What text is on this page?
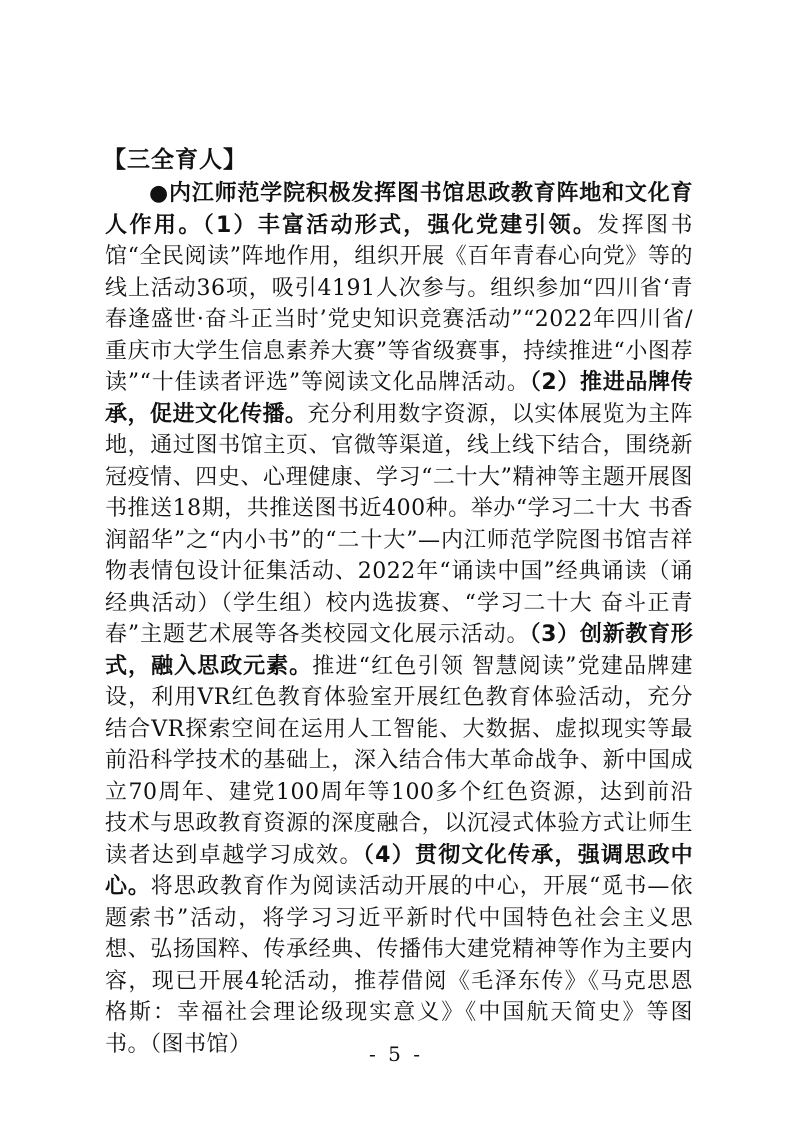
【三全育人】

●内江师范学院积极发挥图书馆思政教育阵地和文化育人作用。（1）丰富活动形式，强化党建引领。发挥图书馆“全民阅读”阵地作用，组织开展《百年青春心向党》等的线上活动36项，吸引4191人次参与。组织参加“四川省‘青春逢盛世·奋斗正当时’党史知识竞赛活动”“2022年四川省/重庆市大学生信息素养大赛”等省级赛事，持续推进“小图荐读”“十佳读者评选”等阅读文化品牌活动。（2）推进品牌传承，促进文化传播。充分利用数字资源，以实体展览为主阵地，通过图书馆主页、官微等渠道，线上线下结合，围绕新冠疫情、四史、心理健康、学习“二十大”精神等主题开展图书推送18期，共推送图书近400种。举办“学习二十大 书香润韶华”之“内小书”的“二十大”—内江师范学院图书馆吉祥物表情包设计征集活动、2022年“诵读中国”经典诵读（诵经典活动）（学生组）校内选拔赛、“学习二十大 奋斗正青春”主题艺术展等各类校园文化展示活动。（3）创新教育形式，融入思政元素。推进“红色引领 智慧阅读”党建品牌建设，利用VR红色教育体验室开展红色教育体验活动，充分结合VR探索空间在运用人工智能、大数据、虚拟现实等最前沿科学技术的基础上，深入结合伟大革命战争、新中国成立70周年、建党100周年等100多个红色资源，达到前沿技术与思政教育资源的深度融合，以沉浸式体验方式让师生读者达到卓越学习成效。（4）贯彻文化传承，强调思政中心。将思政教育作为阅读活动开展的中心，开展“觅书—依题索书”活动，将学习习近平新时代中国特色社会主义思想、弘扬国粹、传承经典、传播伟大建党精神等作为主要内容，现已开展4轮活动，推荐借阅《毛泽东传》《马克思恩格斯：幸福社会理论级现实意义》《中国航天简史》等图书。（图书馆）	- 5 -
